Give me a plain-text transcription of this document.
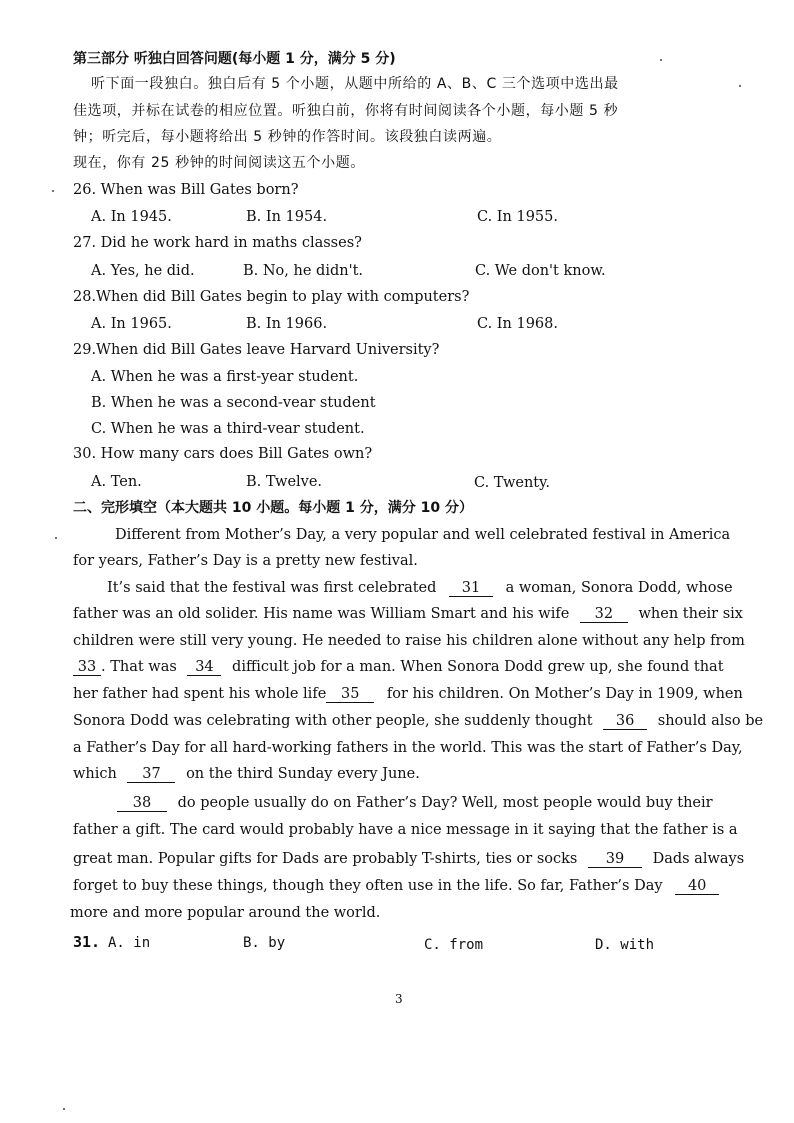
第三部分 听独白回答问题(每小题 1 分，满分 5 分)
听下面一段独白。独白后有 5 个小题，从题中所给的 A、B、C 三个选项中选出最
佳选项，并标在试卷的相应位置。听独白前，你将有时间阅读各个小题，每小题 5 秒
钟；听完后，每小题将给出 5 秒钟的作答时间。该段独白读两遍。
现在，你有 25 秒钟的时间阅读这五个小题。
26. When was Bill Gates born?
A. In 1945.	B. In 1954.	C. In 1955.
27. Did he work hard in maths classes?
A. Yes, he did.	B. No, he didn't.	C. We don't know.
28.When did Bill Gates begin to play with computers?
A. In 1965.	B. In 1966.	C. In 1968.
29.When did Bill Gates leave Harvard University?
A. When he was a first-year student.
B. When he was a second-vear student
C. When he was a third-vear student.
30. How many cars does Bill Gates own?
A. Ten.	B. Twelve.	C. Twenty.
二、完形填空（本大题共 10 小题。每小题 1 分，满分 10 分）
Different from Mother’s Day, a very popular and well celebrated festival in America
for years, Father’s Day is a pretty new festival.
It’s said that the festival was first celebrated 31 a woman, Sonora Dodd, whose
father was an old solider. His name was William Smart and his wife 32 when their six
children were still very young. He needed to raise his children alone without any help from
33 . That was 34 difficult job for a man. When Sonora Dodd grew up, she found that
her father had spent his whole life 35 for his children. On Mother’s Day in 1909, when
Sonora Dodd was celebrating with other people, she suddenly thought 36 should also be
a Father’s Day for all hard-working fathers in the world. This was the start of Father’s Day,
which 37 on the third Sunday every June.
38 do people usually do on Father’s Day? Well, most people would buy their
father a gift. The card would probably have a nice message in it saying that the father is a
great man. Popular gifts for Dads are probably T-shirts, ties or socks 39 Dads always
forget to buy these things, though they often use in the life. So far, Father’s Day 40
more and more popular around the world.
31. A. in	B. by	C. from	D. with
3
